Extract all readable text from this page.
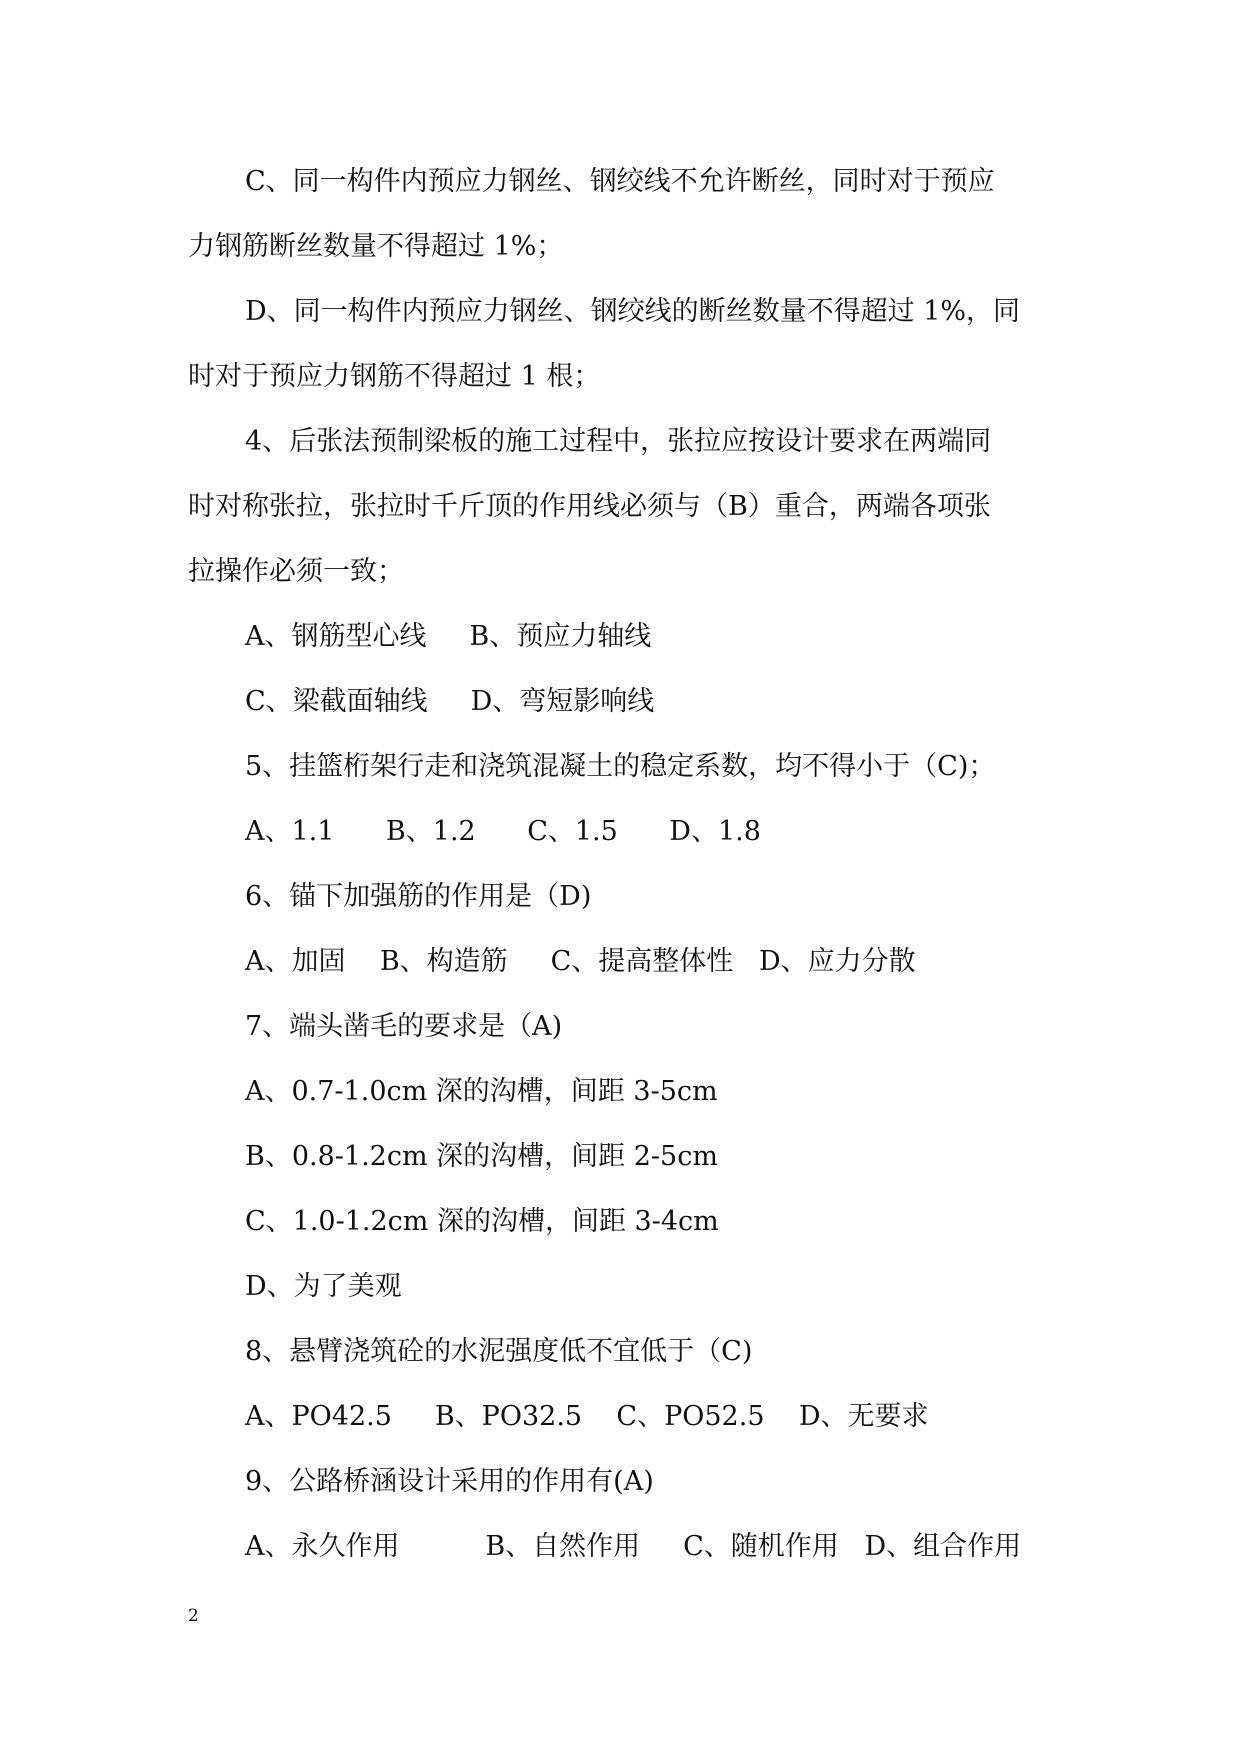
C、同一构件内预应力钢丝、钢绞线不允许断丝，同时对于预应
力钢筋断丝数量不得超过 1%；
D、同一构件内预应力钢丝、钢绞线的断丝数量不得超过 1%，同
时对于预应力钢筋不得超过 1 根；
4、后张法预制梁板的施工过程中，张拉应按设计要求在两端同
时对称张拉，张拉时千斤顶的作用线必须与（B）重合，两端各项张
拉操作必须一致；
A、钢筋型心线     B、预应力轴线
C、梁截面轴线     D、弯短影响线
5、挂篮桁架行走和浇筑混凝土的稳定系数，均不得小于（C)；
A、1.1      B、1.2      C、1.5      D、1.8
6、锚下加强筋的作用是（D)
A、加固    B、构造筋     C、提高整体性   D、应力分散
7、端头凿毛的要求是（A)
A、0.7-1.0cm 深的沟槽，间距 3-5cm
B、0.8-1.2cm 深的沟槽，间距 2-5cm
C、1.0-1.2cm 深的沟槽，间距 3-4cm
D、为了美观
8、悬臂浇筑砼的水泥强度低不宜低于（C)
A、PO42.5     B、PO32.5    C、PO52.5    D、无要求
9、公路桥涵设计采用的作用有(A)
A、永久作用          B、自然作用     C、随机作用   D、组合作用
2
